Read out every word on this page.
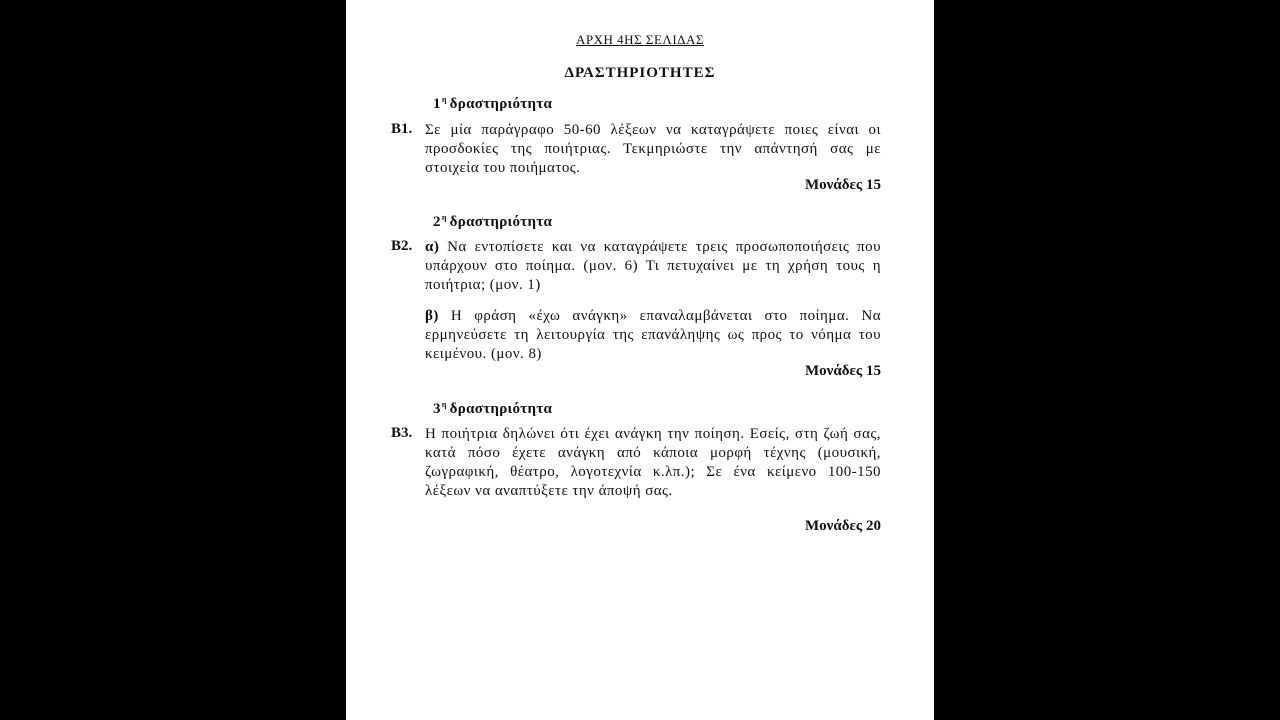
ΑΡΧΗ 4ΗΣ ΣΕΛΙΔΑΣ
ΔΡΑΣΤΗΡΙΟΤΗΤΕΣ
$1^\eta$ δραστηριότητα
B1. Σε μία παράγραφο 50-60 λέξεων να καταγράψετε ποιες είναι οι προσδοκίες της ποιήτριας. Τεκμηριώστε την απάντησή σας με στοιχεία του ποιήματος.
Μονάδες 15
$2^\eta$ δραστηριότητα
B2. α) Να εντοπίσετε και να καταγράψετε τρεις προσωποποιήσεις που υπάρχουν στο ποίημα. (μον. 6) Τι πετυχαίνει με τη χρήση τους η ποιήτρια; (μον. 1)
β) Η φράση «έχω ανάγκη» επαναλαμβάνεται στο ποίημα. Να ερμηνεύσετε τη λειτουργία της επανάληψης ως προς το νόημα του κειμένου. (μον. 8)
Μονάδες 15
$3^\eta$ δραστηριότητα
B3. Η ποιήτρια δηλώνει ότι έχει ανάγκη την ποίηση. Εσείς, στη ζωή σας, κατά πόσο έχετε ανάγκη από κάποια μορφή τέχνης (μουσική, ζωγραφική, θέατρο, λογοτεχνία κ.λπ.); Σε ένα κείμενο 100-150 λέξεων να αναπτύξετε την άποψή σας.
Μονάδες 20
